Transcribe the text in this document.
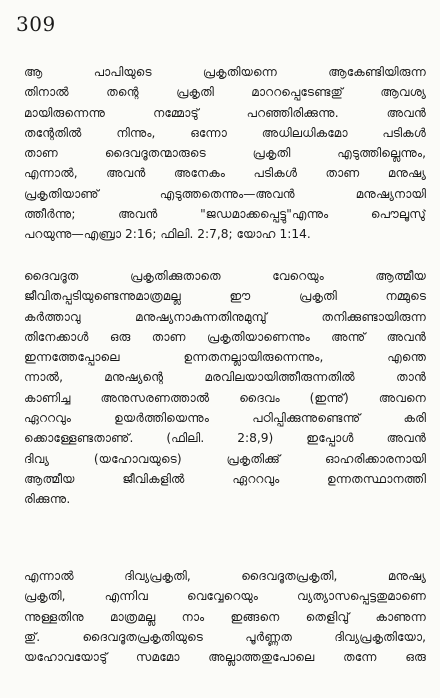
309
ആ പാപിയുടെ പ്രകൃതിയന്നെ ആകേണ്ടിയിരുന്ന
തിനാൽ തന്റെ പ്രകൃതി മാററപ്പെടേണ്ടതു് ആവശ്യ
മായിരുന്നെന്നു നമ്മോടു് പറഞ്ഞിരിക്കുന്നു. അവൻ
തന്റേതിൽ നിന്നും, ഒന്നോ അധിലധികമോ പടികൾ
താണ ദൈവദൂതന്മാരുടെ പ്രകൃതി എടുത്തില്ലെന്നും,
എന്നാൽ, അവൻ അനേകം പടികൾ താണ മനുഷ്യ
പ്രകൃതിയാണു് എടുത്തതെന്നും—അവൻ മനുഷ്യനായി
ത്തീർന്നു; അവൻ "ജഡമാക്കപ്പെട്ടു"എന്നും പൌലൂസു്
പറയുന്നു—എബ്രാ 2:16; ഫിലി. 2:7,8; യോഹ 1:14.
ദൈവദൂത പ്രകൃതിക്കുതാതെ വേറെയും ആത്മീയ
ജീവിതപ്പടിയുണ്ടെന്നുമാത്രമല്ല ഈ പ്രകൃതി നമ്മുടെ
കർത്താവു മനുഷ്യനാകുന്നതിനുമുമ്പു് തനിക്കുണ്ടായിരുന്ന
തിനേക്കാൾ ഒരു താണ പ്രകൃതിയാണെന്നും അന്നു് അവൻ
ഇന്നത്തേപ്പോലെ ഉന്നതനല്ലായിരുന്നെന്നും, എന്തെ
ന്നാൽ, മനുഷ്യന്റെ മരവിലയായിത്തീരുന്നതിൽ താൻ
കാണിച്ച അനുസരണത്താൽ ദൈവം (ഇന്നു്) അവനെ
ഏററവും ഉയർത്തിയെന്നും പഠിപ്പിക്കുന്നുണ്ടെന്നു് കരി
ക്കൊള്ളേണ്ടതാണു്. (ഫിലി. 2:8,9) ഇപ്പോൾ അവൻ
ദിവ്യ (യഹോവയുടെ) പ്രകൃതിക്കു് ഓഹരിക്കാരനായി
ആത്മീയ ജീവികളിൽ ഏററവും ഉന്നതസ്ഥാനത്തി
രിക്കുന്നു.
എന്നാൽ ദിവ്യപ്രകൃതി, ദൈവദൂതപ്രകൃതി, മനുഷ്യ
പ്രകൃതി, എന്നിവ വെവ്വേറെയും വ്യത്യാസപ്പെട്ടതുമാണെ
ന്നുള്ളതിനു മാത്രമല്ല നാം ഇങ്ങനെ തെളിവു് കാണുന്ന
തു്. ദൈവദൂതപ്രകൃതിയുടെ പൂർണ്ണത ദിവ്യപ്രകൃതിയോ,
യഹോവയോടു് സമമോ അല്ലാത്തതുപോലെ തന്നേ ഒരു
